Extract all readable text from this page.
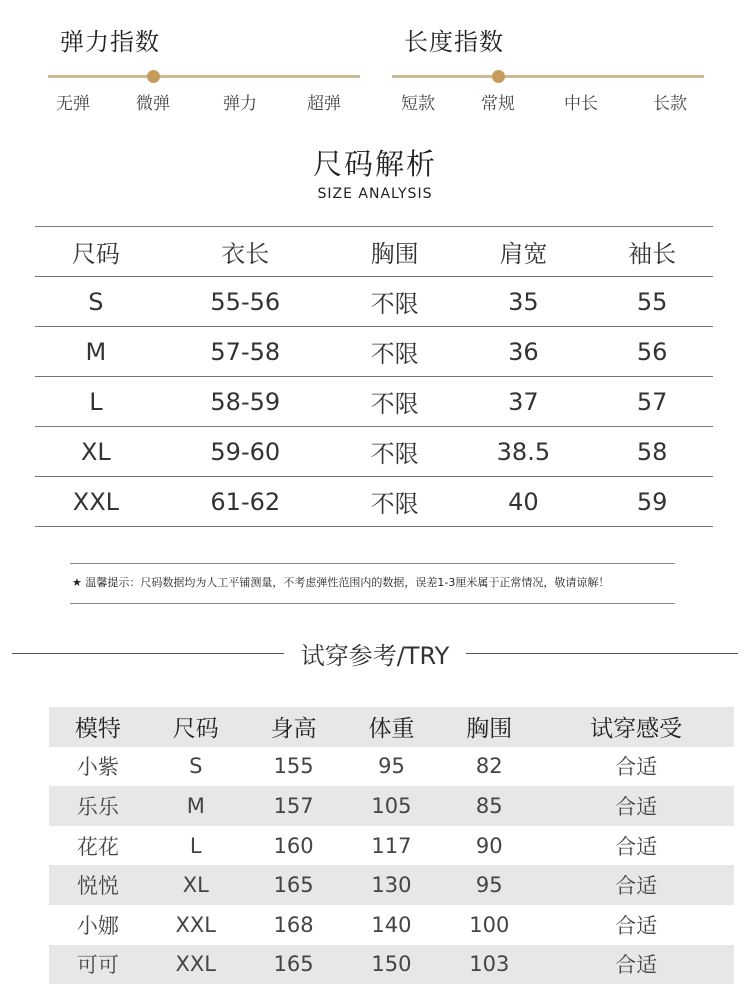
弹力指数
无弹	微弹	弹力	超弹
长度指数
短款	常规	中长	长款
尺码解析
SIZE ANALYSIS
尺码	衣长	胸围	肩宽	袖长
S	55-56	不限	35	55
M	57-58	不限	36	56
L	58-59	不限	37	57
XL	59-60	不限	38.5	58
XXL	61-62	不限	40	59
★ 温馨提示：尺码数据均为人工平铺测量，不考虑弹性范围内的数据，误差1-3厘米属于正常情况，敬请谅解！
试穿参考/TRY
模特	尺码	身高	体重	胸围	试穿感受
小紫	S	155	95	82	合适
乐乐	M	157	105	85	合适
花花	L	160	117	90	合适
悦悦	XL	165	130	95	合适
小娜	XXL	168	140	100	合适
可可	XXL	165	150	103	合适
